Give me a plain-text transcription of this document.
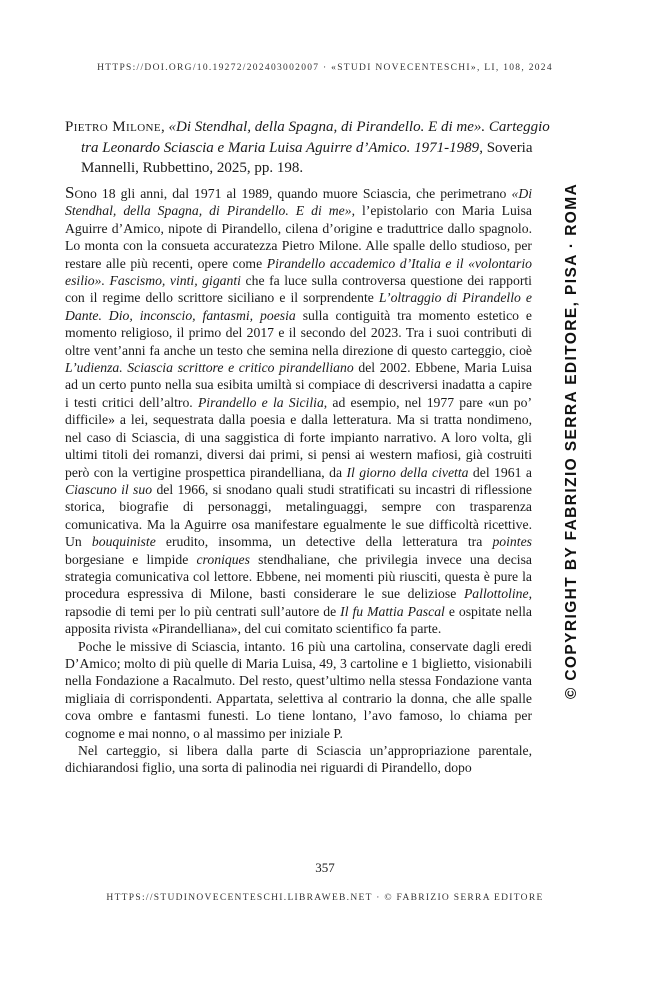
HTTPS://DOI.ORG/10.19272/202403002007 · «STUDI NOVECENTESCHI», LI, 108, 2024
Pietro Milone, «Di Stendhal, della Spagna, di Pirandello. E di me». Carteggio tra Leonardo Sciascia e Maria Luisa Aguirre d’Amico. 1971-1989, Soveria Mannelli, Rubbettino, 2025, pp. 198.

Sono 18 gli anni, dal 1971 al 1989, quando muore Sciascia, che perimetrano «Di Stendhal, della Spagna, di Pirandello. E di me», l’epistolario con Maria Luisa Aguirre d’Amico, nipote di Pirandello, cilena d’origine e traduttrice dallo spagnolo. Lo monta con la consueta accuratezza Pietro Milone. Alle spalle dello studioso, per restare alle più recenti, opere come Pirandello accademico d’Italia e il «volontario esilio». Fascismo, vinti, giganti che fa luce sulla controversa questione dei rapporti con il regime dello scrittore siciliano e il sorprendente L’oltraggio di Pirandello e Dante. Dio, inconscio, fantasmi, poesia sulla contiguità tra momento estetico e momento religioso, il primo del 2017 e il secondo del 2023. Tra i suoi contributi di oltre vent’anni fa anche un testo che semina nella direzione di questo carteggio, cioè L’udienza. Sciascia scrittore e critico pirandelliano del 2002. Ebbene, Maria Luisa ad un certo punto nella sua esibita umiltà si compiace di descriversi inadatta a capire i testi critici dell’altro. Pirandello e la Sicilia, ad esempio, nel 1977 pare «un po’ difficile» a lei, sequestrata dalla poesia e dalla letteratura. Ma si tratta nondimeno, nel caso di Sciascia, di una saggistica di forte impianto narrativo. A loro volta, gli ultimi titoli dei romanzi, diversi dai primi, si pensi ai western mafiosi, già costruiti però con la vertigine prospettica pirandelliana, da Il giorno della civetta del 1961 a Ciascuno il suo del 1966, si snodano quali studi stratificati su incastri di riflessione storica, biografie di personaggi, metalinguaggi, sempre con trasparenza comunicativa. Ma la Aguirre osa manifestare egualmente le sue difficoltà ricettive. Un bouquiniste erudito, insomma, un detective della letteratura tra pointes borgesiane e limpide croniques stendhaliane, che privilegia invece una decisa strategia comunicativa col lettore. Ebbene, nei momenti più riusciti, questa è pure la procedura espressiva di Milone, basti considerare le sue deliziose Pallottoline, rapsodie di temi per lo più centrati sull’autore de Il fu Mattia Pascal e ospitate nella apposita rivista «Pirandelliana», del cui comitato scientifico fa parte.

Poche le missive di Sciascia, intanto. 16 più una cartolina, conservate dagli eredi D’Amico; molto di più quelle di Maria Luisa, 49, 3 cartoline e 1 biglietto, visionabili nella Fondazione a Racalmuto. Del resto, quest’ultimo nella stessa Fondazione vanta migliaia di corrispondenti. Appartata, selettiva al contrario la donna, che alle spalle cova ombre e fantasmi funesti. Lo tiene lontano, l’avo famoso, lo chiama per cognome e mai nonno, o al massimo per iniziale P.

Nel carteggio, si libera dalla parte di Sciascia un’appropriazione parentale, dichiarandosi figlio, una sorta di palinodia nei riguardi di Pirandello, dopo

357
HTTPS://STUDINOVECENTESCHI.LIBRAWEB.NET · © FABRIZIO SERRA EDITORE
© COPYRIGHT BY FABRIZIO SERRA EDITORE, PISA · ROMA
